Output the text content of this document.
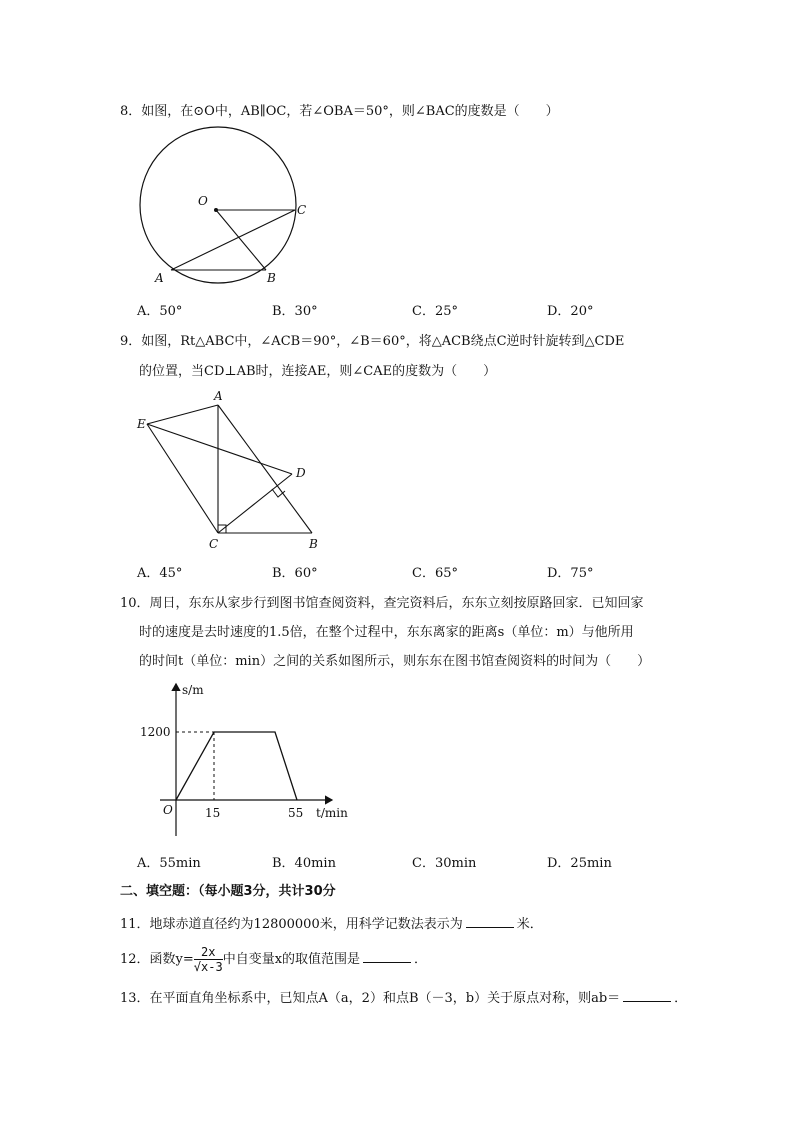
8．如图，在⊙O中，AB∥OC，若∠OBA＝50°，则∠BAC的度数是（　　）
O
C
A	B
A．50°	B．30°	C．25°	D．20°
9．如图，Rt△ABC中，∠ACB＝90°，∠B＝60°，将△ACB绕点C逆时针旋转到△CDE
的位置，当CD⊥AB时，连接AE，则∠CAE的度数为（　　）
A
E
D
C	B
A．45°	B．60°	C．65°	D．75°
10．周日，东东从家步行到图书馆查阅资料，查完资料后，东东立刻按原路回家．已知回家
时的速度是去时速度的1.5倍，在整个过程中，东东离家的距离s（单位：m）与他所用
的时间t（单位：min）之间的关系如图所示，则东东在图书馆查阅资料的时间为（　　）
s/m
t/min
O
1200
15	55
A．55min	B．40min	C．30min	D．25min
二、填空题：（每小题3分，共计30分
11．地球赤道直径约为12800000米，用科学记数法表示为	米．
12．函数$y= \frac{2x}{√x-3}$ 中自变量x的取值范围是	．
13．在平面直角坐标系中，已知点A（a，2）和点B（－3，b）关于原点对称，则ab＝	．
